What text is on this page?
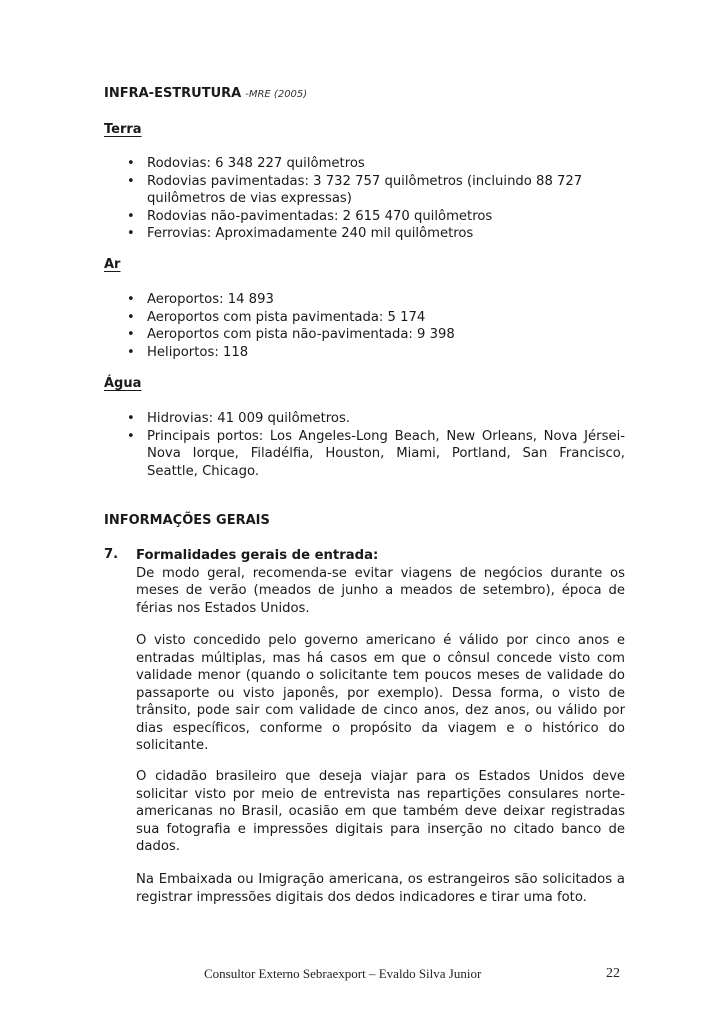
INFRA-ESTRUTURA -MRE (2005)
Terra
• Rodovias: 6 348 227 quilômetros
• Rodovias pavimentadas: 3 732 757 quilômetros (incluindo 88 727 quilômetros de vias expressas)
• Rodovias não-pavimentadas: 2 615 470 quilômetros
• Ferrovias: Aproximadamente 240 mil quilômetros
Ar
• Aeroportos: 14 893
• Aeroportos com pista pavimentada: 5 174
• Aeroportos com pista não-pavimentada: 9 398
• Heliportos: 118
Água
• Hidrovias: 41 009 quilômetros.
• Principais portos: Los Angeles-Long Beach, New Orleans, Nova Jérsei- Nova Iorque, Filadélfia, Houston, Miami, Portland, San Francisco, Seattle, Chicago.
INFORMAÇÕES GERAIS
7. Formalidades gerais de entrada:
De modo geral, recomenda-se evitar viagens de negócios durante os meses de verão (meados de junho a meados de setembro), época de férias nos Estados Unidos.

O visto concedido pelo governo americano é válido por cinco anos e entradas múltiplas, mas há casos em que o cônsul concede visto com validade menor (quando o solicitante tem poucos meses de validade do passaporte ou visto japonês, por exemplo). Dessa forma, o visto de trânsito, pode sair com validade de cinco anos, dez anos, ou válido por dias específicos, conforme o propósito da viagem e o histórico do solicitante.

O cidadão brasileiro que deseja viajar para os Estados Unidos deve solicitar visto por meio de entrevista nas repartições consulares norte-americanas no Brasil, ocasião em que também deve deixar registradas sua fotografia e impressões digitais para inserção no citado banco de dados.

Na Embaixada ou Imigração americana, os estrangeiros são solicitados a registrar impressões digitais dos dedos indicadores e tirar uma foto.

Consultor Externo Sebraexport – Evaldo Silva Junior	22
